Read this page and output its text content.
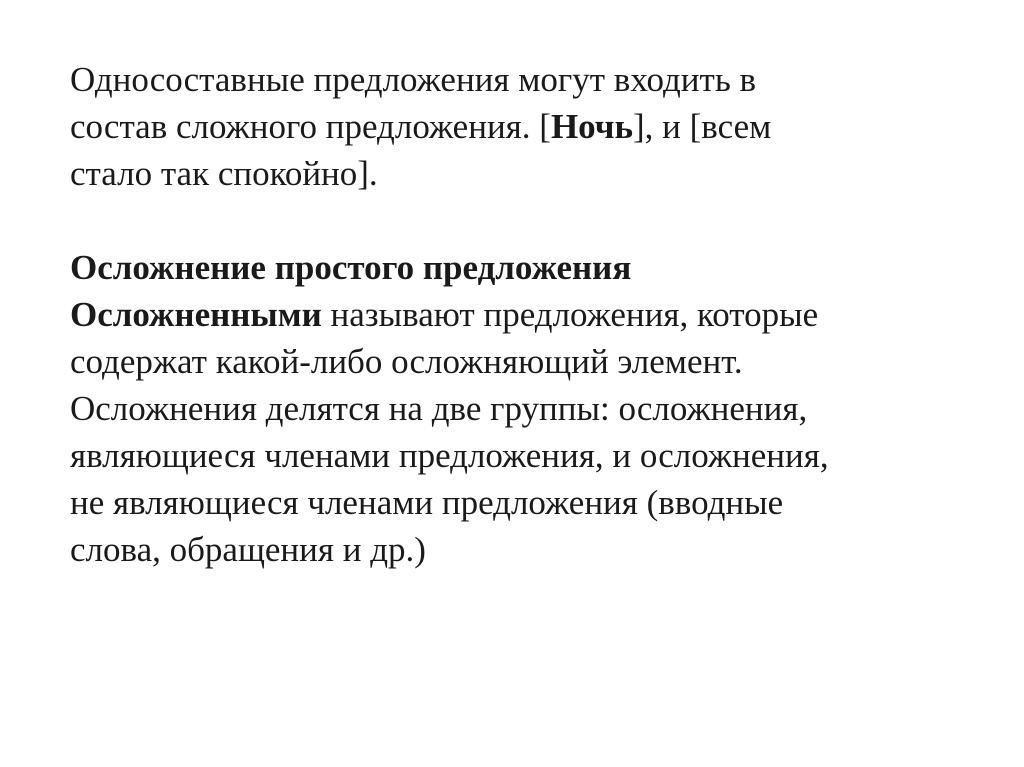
Односоставные предложения могут входить в

состав сложного предложения. [Ночь], и [всем

стало так спокойно].

Осложнение простого предложения

Осложненными называют предложения, которые

содержат какой-либо осложняющий элемент.

Осложнения делятся на две группы: осложнения,

являющиеся членами предложения, и осложнения,

не являющиеся членами предложения (вводные

слова, обращения и др.)
